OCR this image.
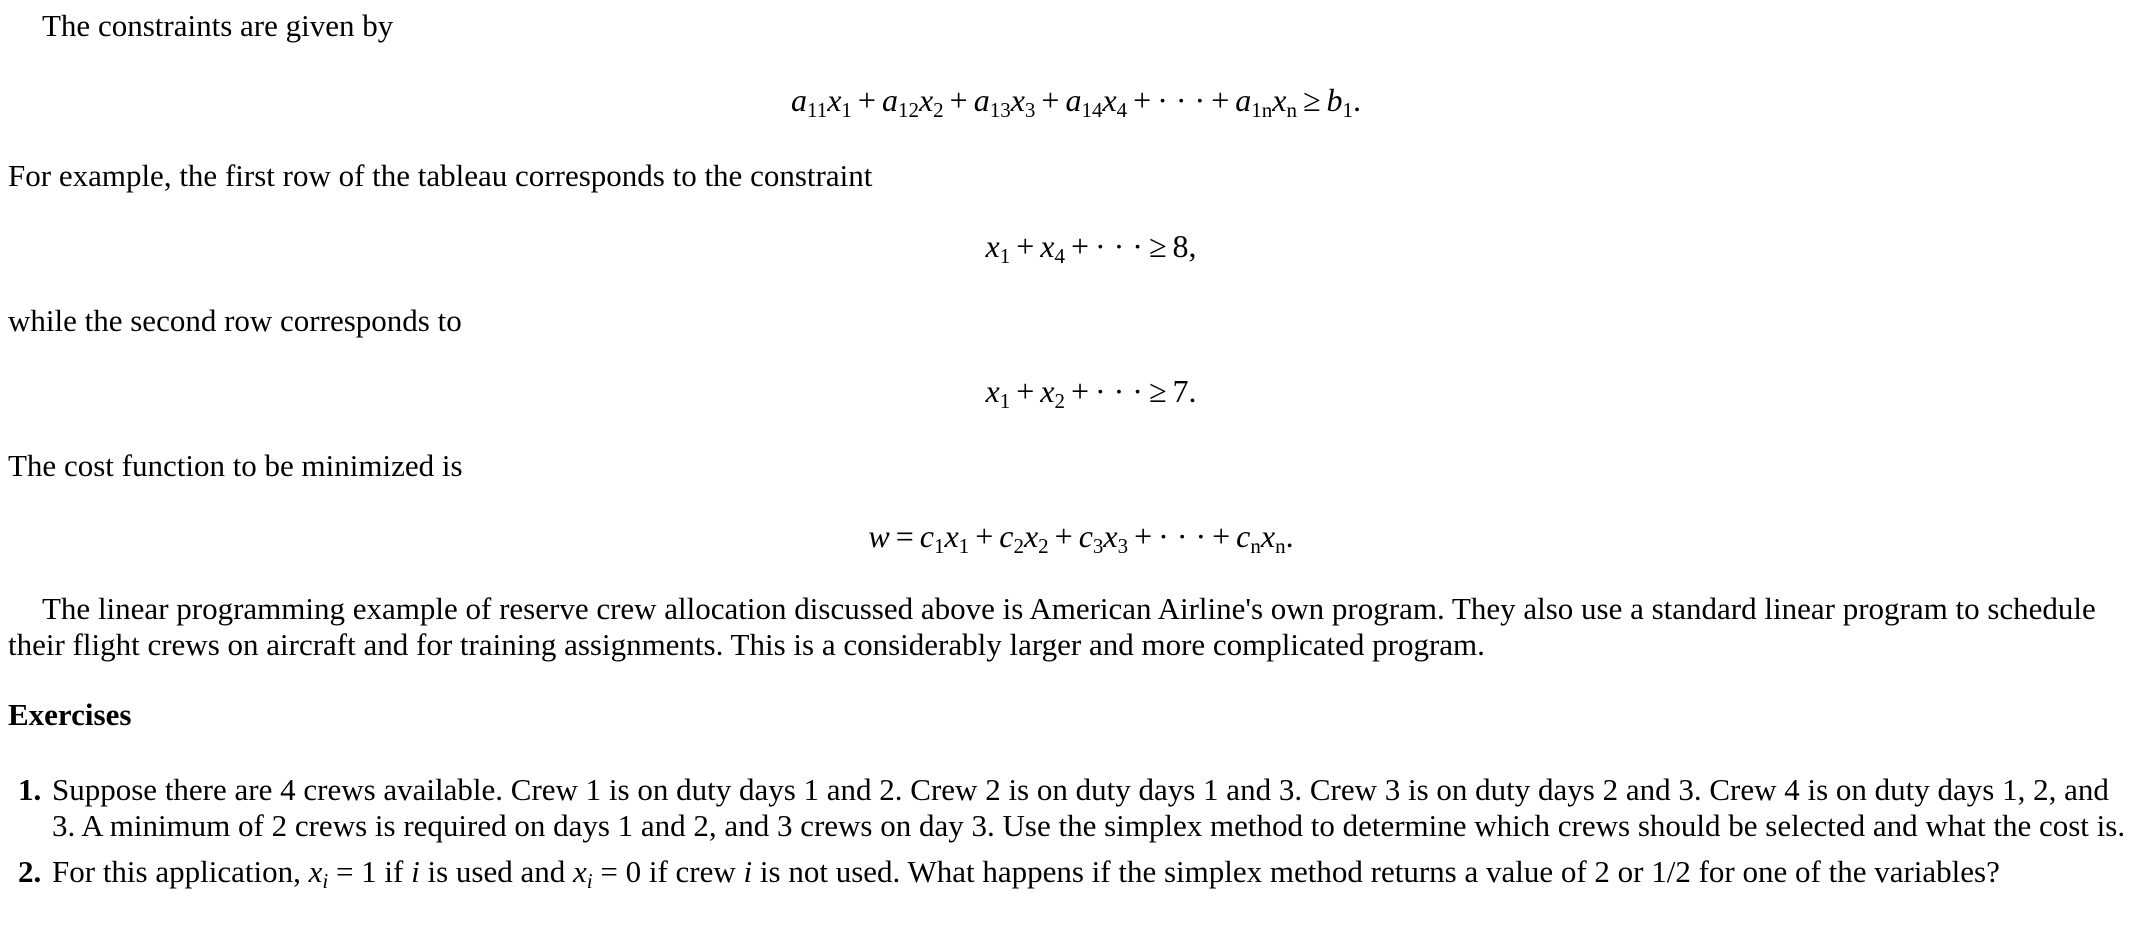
The constraints are given by
$a_{11}x_1 + a_{12}x_2 + a_{13}x_3 + a_{14}x_4$ + · · · + $a_{1n}x_n \ge b_1$.
For example, the first row of the tableau corresponds to the constraint
$x_1 + x_4$ + · · · ≥ 8,
while the second row corresponds to
$x_1 + x_2$ + · · · ≥ 7.
The cost function to be minimized is
$w = c_1x_1 + c_2x_2 + c_3x_3$ + · · · + $c_nx_n$.
The linear programming example of reserve crew allocation discussed above is American Airline's own program. They also use a standard linear program to schedule their flight crews on aircraft and for training assignments. This is a considerably larger and more complicated program.
Exercises
1. Suppose there are 4 crews available. Crew 1 is on duty days 1 and 2. Crew 2 is on duty days 1 and 3. Crew 3 is on duty days 2 and 3. Crew 4 is on duty days 1, 2, and 3. A minimum of 2 crews is required on days 1 and 2, and 3 crews on day 3. Use the simplex method to determine which crews should be selected and what the cost is.
2. For this application, $x_i = 1$ if i is used and $x_i = 0$ if crew i is not used. What happens if the simplex method returns a value of 2 or 1/2 for one of the variables?
